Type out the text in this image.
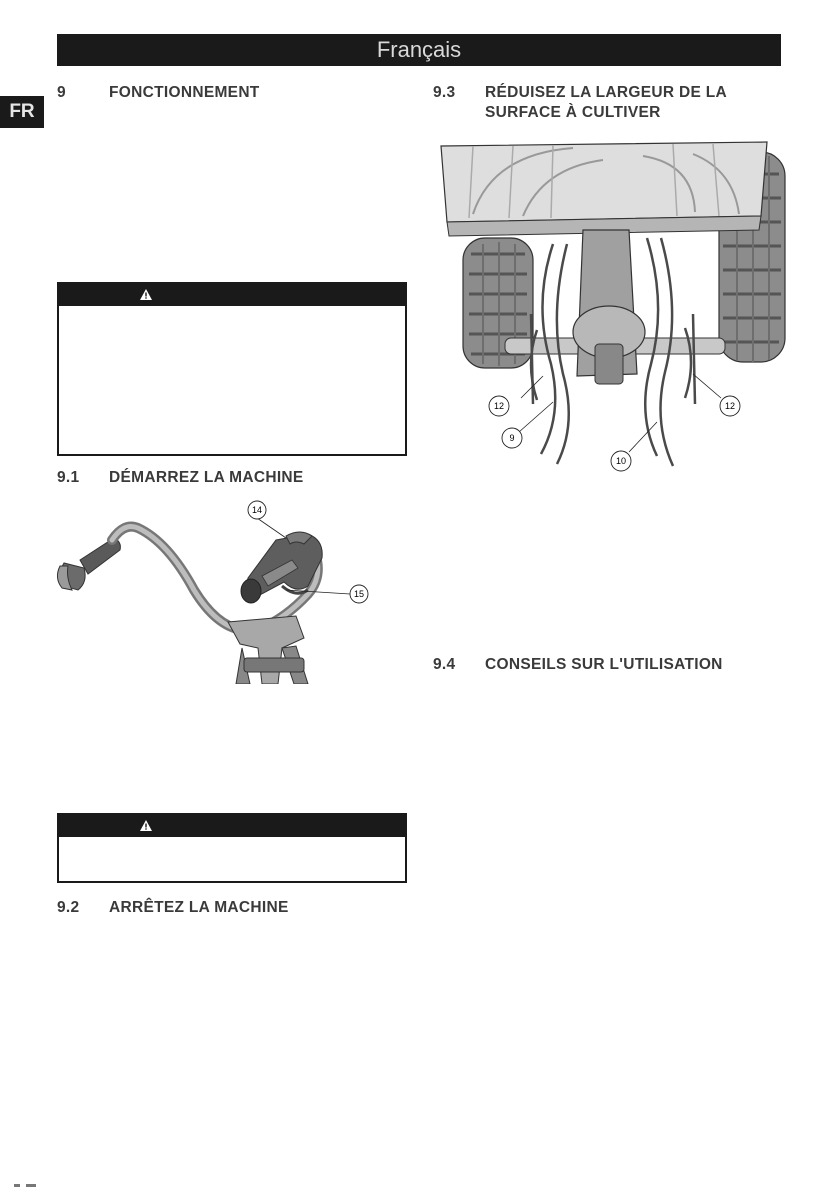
Français
FR
9	FONCTIONNEMENT
9.1 DÉMARREZ LA MACHINE
14
15
9.2 ARRÊTEZ LA MACHINE
9.3 RÉDUISEZ LA LARGEUR DE LA
SURFACE À CULTIVER
12	12
9
10
9.4 CONSEILS SUR L'UTILISATION
